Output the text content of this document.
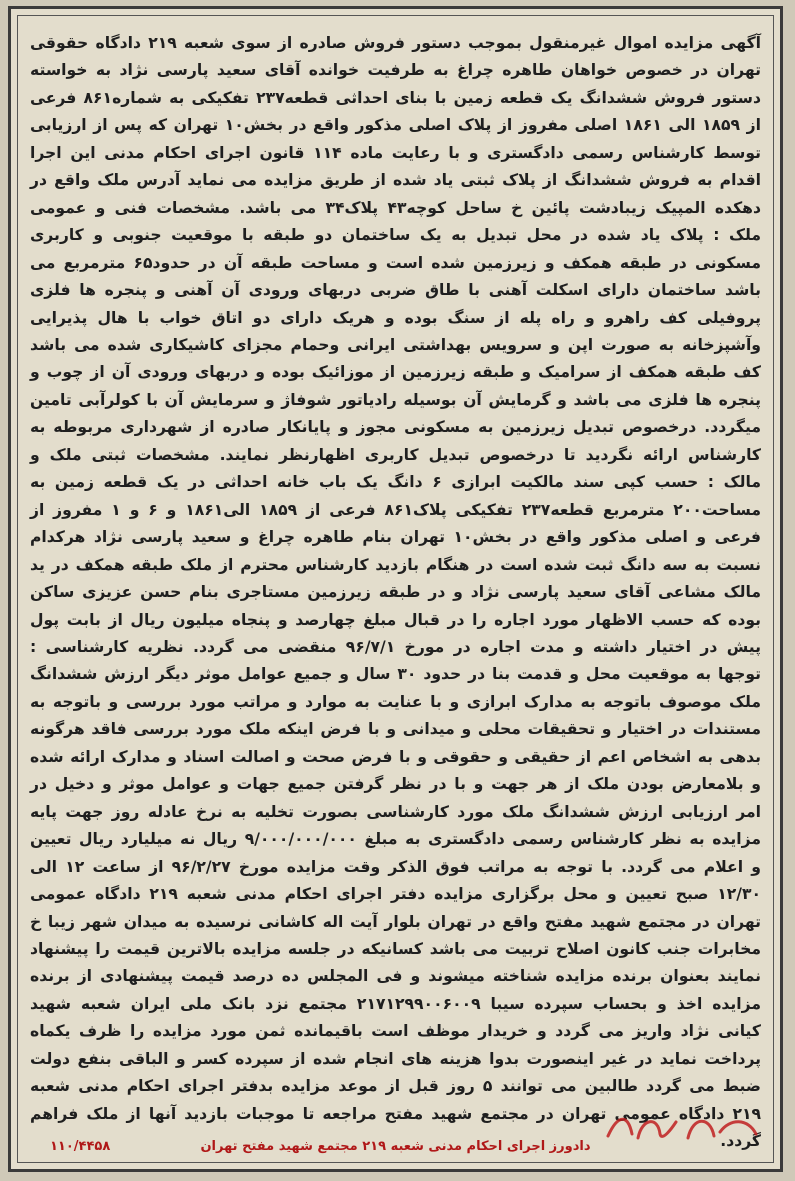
آگهی مزایده اموال غیرمنقول بموجب دستور فروش صادره از سوی شعبه ۲۱۹ دادگاه حقوقی تهران در خصوص خواهان طاهره چراغ به طرفیت خوانده آقای سعید پارسی نژاد به خواسته دستور فروش ششدانگ یک قطعه زمین با بنای احداثی قطعه۲۳۷ تفکیکی به شماره۸۶۱ فرعی از ۱۸۵۹ الی ۱۸۶۱ اصلی مفروز از پلاک اصلی مذکور واقع در بخش۱۰ تهران که پس از ارزیابی توسط کارشناس رسمی دادگستری و با رعایت ماده ۱۱۴ قانون اجرای احکام مدنی این اجرا اقدام به فروش ششدانگ از پلاک ثبتی یاد شده از طریق مزایده می نماید آدرس ملک واقع در دهکده المپیک زیبادشت پائین خ ساحل کوچه۴۳ پلاک۳۴ می باشد. مشخصات فنی و عمومی ملک : پلاک یاد شده در محل تبدیل به یک ساختمان دو طبقه با موقعیت جنوبی و کاربری مسکونی در طبقه همکف و زیرزمین شده است و مساحت طبقه آن در حدود۶۵ مترمربع می باشد ساختمان دارای اسکلت آهنی با طاق ضربی دربهای ورودی آن آهنی و پنجره ها فلزی پروفیلی کف راهرو و راه پله از سنگ بوده و هریک دارای دو اتاق خواب با هال پذیرایی وآشپزخانه به صورت اپن و سرویس بهداشتی ایرانی وحمام مجزای کاشیکاری شده می باشد کف طبقه همکف از سرامیک و طبقه زیرزمین از موزائیک بوده و دربهای ورودی آن از چوب و پنجره ها فلزی می باشد و گرمایش آن بوسیله رادیاتور شوفاژ و سرمایش آن با کولرآبی تامین میگردد. درخصوص تبدیل زیرزمین به مسکونی مجوز و پایانکار صادره از شهرداری مربوطه به کارشناس ارائه نگردید تا درخصوص تبدیل کاربری اظهارنظر نمایند. مشخصات ثبتی ملک و مالک : حسب کپی سند مالکیت ابرازی ۶ دانگ یک باب خانه احداثی در یک قطعه زمین به مساحت۲۰۰ مترمربع قطعه۲۳۷ تفکیکی پلاک۸۶۱ فرعی از ۱۸۵۹ الی۱۸۶۱ و ۶ و ۱ مفروز از فرعی و اصلی مذکور واقع در بخش۱۰ تهران بنام طاهره چراغ و سعید پارسی نژاد هرکدام نسبت به سه دانگ ثبت شده است در هنگام بازدید کارشناس محترم از ملک طبقه همکف در ید مالک مشاعی آقای سعید پارسی نژاد و در طبقه زیرزمین مستاجری بنام حسن عزیزی ساکن بوده که حسب الاظهار مورد اجاره را در قبال مبلغ چهارصد و پنجاه میلیون ریال از بابت پول پیش در اختیار داشته و مدت اجاره در مورخ ۹۶/۷/۱ منقضی می گردد. نظریه کارشناسی : توجها به موقعیت محل و قدمت بنا در حدود ۳۰ سال و جمیع عوامل موثر دیگر ارزش ششدانگ ملک موصوف باتوجه به مدارک ابرازی و با عنایت به موارد و مراتب مورد بررسی و باتوجه به مستندات در اختیار و تحقیقات محلی و میدانی و با فرض اینکه ملک مورد بررسی فاقد هرگونه بدهی به اشخاص اعم از حقیقی و حقوقی و با فرض صحت و اصالت اسناد و مدارک ارائه شده و بلامعارض بودن ملک از هر جهت و با در نظر گرفتن جمیع جهات و عوامل موثر و دخیل در امر ارزیابی ارزش ششدانگ ملک مورد کارشناسی بصورت تخلیه به نرخ عادله روز جهت پایه مزایده به نظر کارشناس رسمی دادگستری به مبلغ ۹/۰۰۰/۰۰۰/۰۰۰ ریال نه میلیارد ریال تعیین و اعلام می گردد. با توجه به مراتب فوق الذکر وقت مزایده مورخ ۹۶/۲/۲۷ از ساعت ۱۲ الی ۱۲/۳۰ صبح تعیین و محل برگزاری مزایده دفتر اجرای احکام مدنی شعبه ۲۱۹ دادگاه عمومی تهران در مجتمع شهید مفتح واقع در تهران بلوار آیت اله کاشانی نرسیده به میدان شهر زیبا خ مخابرات جنب کانون اصلاح تربیت می باشد کسانیکه در جلسه مزایده بالاترین قیمت را پیشنهاد نمایند بعنوان برنده مزایده شناخته میشوند و فی المجلس ده درصد قیمت پیشنهادی از برنده مزایده اخذ و بحساب سپرده سیبا ۲۱۷۱۲۹۹۰۰۶۰۰۹ مجتمع نزد بانک ملی ایران شعبه شهید کیانی نژاد واریز می گردد و خریدار موظف است باقیمانده ثمن مورد مزایده را ظرف یکماه پرداخت نماید در غیر اینصورت بدوا هزینه های انجام شده از سپرده کسر و الباقی بنفع دولت ضبط می گردد طالبین می توانند ۵ روز قبل از موعد مزایده بدفتر اجرای احکام مدنی شعبه ۲۱۹ دادگاه عمومی تهران در مجتمع شهید مفتح مراجعه تا موجبات بازدید آنها از ملک فراهم گردد.

دادورز اجرای احکام مدنی شعبه ۲۱۹ مجتمع شهید مفتح تهران
۱۱۰/۴۴۵۸
